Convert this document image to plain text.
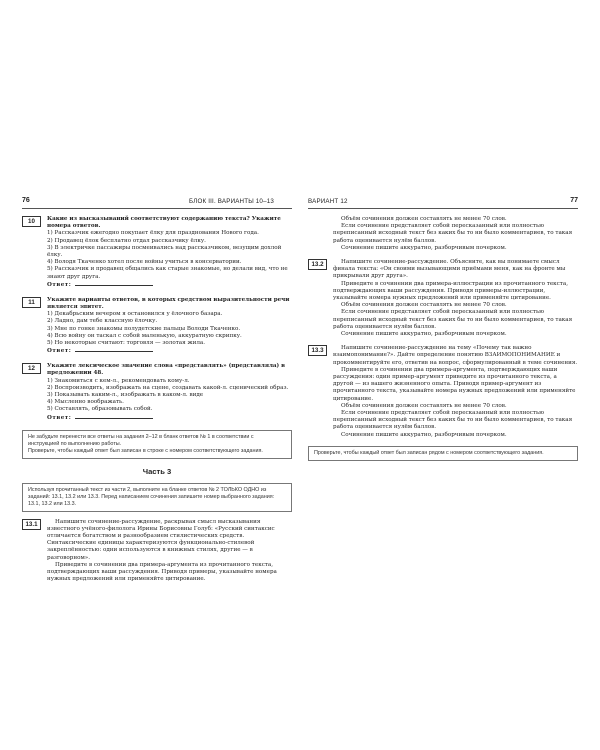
76	БЛОК III. ВАРИАНТЫ 10–13
10	Какие из высказываний соответствуют содержанию текста? Укажите номера ответов.
1) Рассказчик ежегодно покупает ёлку для празднования Нового года.
2) Продавец ёлок бесплатно отдал рассказчику ёлку.
3) В электричке пассажиры посмеивались над рассказчиком, везущим дохлой ёлку.
4) Володя Ткаченко хотел после войны учиться в консерватории.
5) Рассказчик и продавец общались как старые знакомые, но делали вид, что не знают друг друга.
Ответ:
11	Укажите варианты ответов, в которых средством выразительности речи является эпитет.
1) Декабрьским вечером я остановился у ёлочного базара.
2) Ладно, дам тебе классную ёлочку.
3) Мне по гонке знакомы полудетские пальцы Володи Ткаченко.
4) Всю войну он таскал с собой маленькую, аккуратную скрипку.
5) Но некоторые считают: торговля — золотая жила.
Ответ:
12	Укажите лексическое значение слова «представлять» (представляла) в предложении 48.
1) Знакомиться с кем-л., рекомендовать кому-л.
2) Воспроизводить, изображать на сцене, создавать какой-л. сценический образ.
3) Показывать каким-л., изображать в каком-л. виде
4) Мысленно воображать.
5) Составлять, образовывать собой.
Ответ:
Не забудьте перенести все ответы на задания 2–12 в бланк ответов № 1 в соответствии с инструкцией по выполнению работы.
Проверьте, чтобы каждый ответ был записан в строке с номером соответствующего задания.
Часть 3
Используя прочитанный текст из части 2, выполните на бланке ответов № 2 ТОЛЬКО ОДНО из заданий: 13.1, 13.2 или 13.3. Перед написанием сочинения запишите номер выбранного задания: 13.1, 13.2 или 13.3.
13.1	Напишите сочинение-рассуждение, раскрывая смысл высказывания известного учёного-филолога Ирины Борисовны Голуб: «Русский синтаксис отличается богатством и разнообразием стилистических средств. Синтаксические единицы характеризуются функционально-стилевой закреплённостью: одни используются в книжных стилях, другие — в разговорном».
Приведите в сочинении два примера-аргумента из прочитанного текста, подтверждающих ваши рассуждения. Приводя примеры, указывайте номера нужных предложений или применяйте цитирование.
ВАРИАНТ 12	77
Объём сочинения должен составлять не менее 70 слов.
Если сочинение представляет собой пересказанный или полностью переписанный исходный текст без каких бы то ни было комментариев, то такая работа оценивается нулём баллов.
Сочинение пишите аккуратно, разборчивым почерком.
13.2	Напишите сочинение-рассуждение. Объясните, как вы понимаете смысл финала текста: «Он своими вызывающими приёмами меня, как на фронте мы прикрывали друг друга».
Приведите в сочинении два примера-иллюстрации из прочитанного текста, подтверждающих ваши рассуждения. Приводя примеры-иллюстрации, указывайте номера нужных предложений или применяйте цитирование.
Объём сочинения должен составлять не менее 70 слов.
Если сочинение представляет собой пересказанный или полностью переписанный исходный текст без каких бы то ни было комментариев, то такая работа оценивается нулём баллов.
Сочинение пишите аккуратно, разборчивым почерком.
13.3	Напишите сочинение-рассуждение на тему «Почему так важно взаимопонимание?». Дайте определение понятию ВЗАИМОПОНИМАНИЕ и прокомментируйте его, ответив на вопрос, сформулированный в теме сочинения.
Приведите в сочинении два примера-аргумента, подтверждающих ваши рассуждения: один пример-аргумент приведите из прочитанного текста, а другой — из вашего жизненного опыта. Приводя пример-аргумент из прочитанного текста, указывайте номера нужных предложений или применяйте цитирование.
Объём сочинения должен составлять не менее 70 слов.
Если сочинение представляет собой пересказанный или полностью переписанный исходный текст без каких бы то ни было комментариев, то такая работа оценивается нулём баллов.
Сочинение пишите аккуратно, разборчивым почерком.
Проверьте, чтобы каждый ответ был записан рядом с номером соответствующего задания.
